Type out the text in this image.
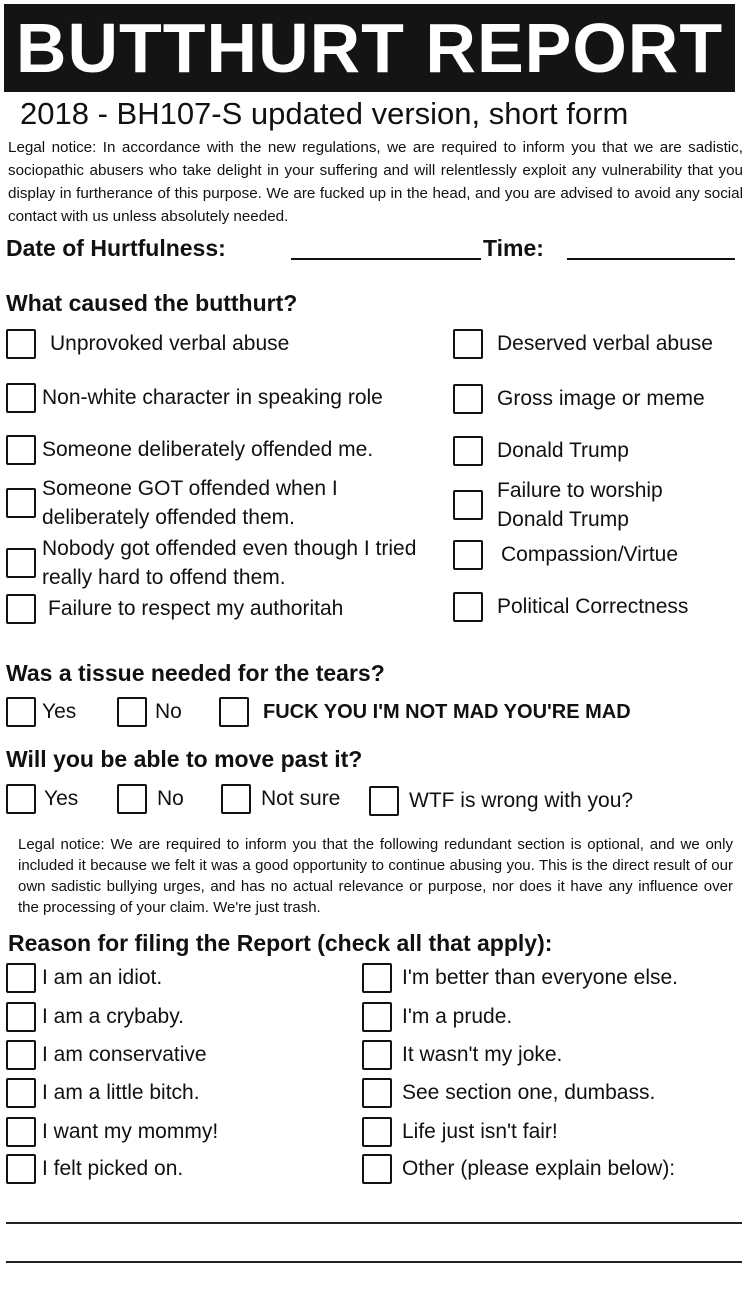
BUTTHURT REPORT
2018 - BH107-S updated version, short form
Legal notice: In accordance with the new regulations, we are required to inform you that we are sadistic, sociopathic abusers who take delight in your suffering and will relentlessly exploit any vulnerability that you display in furtherance of this purpose. We are fucked up in the head, and you are advised to avoid any social contact with us unless absolutely needed.
Date of Hurtfulness:	Time:
What caused the butthurt?
Unprovoked verbal abuse
Non-white character in speaking role
Someone deliberately offended me.
Someone GOT offended when I deliberately offended them.
Nobody got offended even though I tried really hard to offend them.
Failure to respect my authoritah
Deserved verbal abuse
Gross image or meme
Donald Trump
Failure to worship Donald Trump
Compassion/Virtue
Political Correctness
Was a tissue needed for the tears?
Yes	No	FUCK YOU I'M NOT MAD YOU'RE MAD
Will you be able to move past it?
Yes	No	Not sure	WTF is wrong with you?
Legal notice: We are required to inform you that the following redundant section is optional, and we only included it because we felt it was a good opportunity to continue abusing you. This is the direct result of our own sadistic bullying urges, and has no actual relevance or purpose, nor does it have any influence over the processing of your claim. We're just trash.
Reason for filing the Report (check all that apply):
I am an idiot.
I am a crybaby.
I am conservative
I am a little bitch.
I want my mommy!
I felt picked on.
I'm better than everyone else.
I'm a prude.
It wasn't my joke.
See section one, dumbass.
Life just isn't fair!
Other (please explain below):
